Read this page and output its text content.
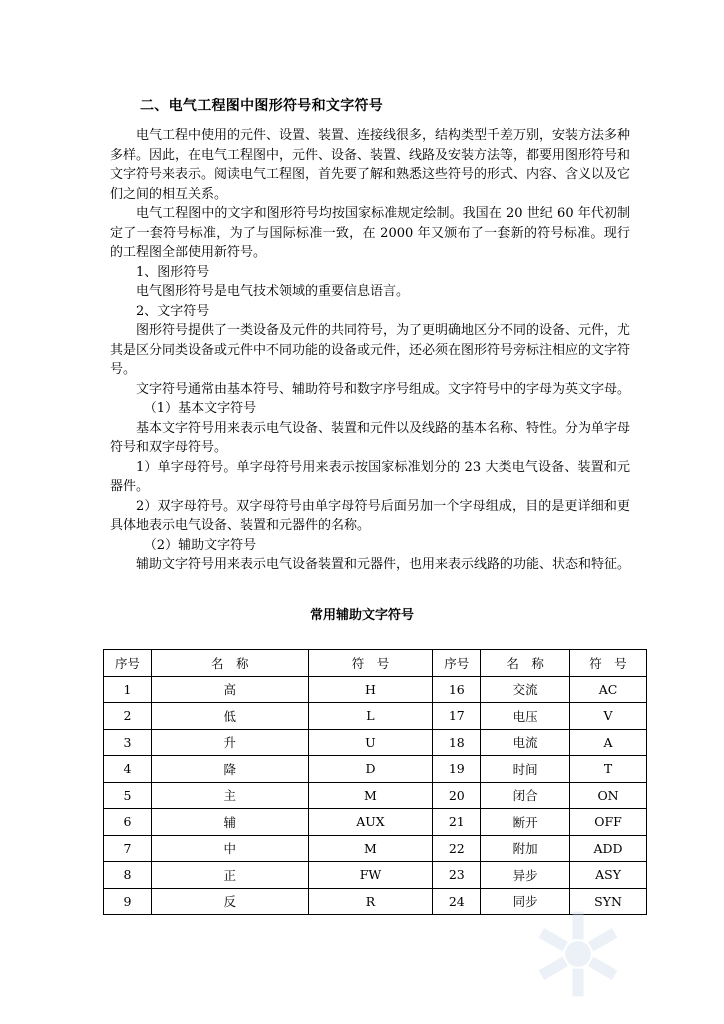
二、电气工程图中图形符号和文字符号

电气工程中使用的元件、设置、装置、连接线很多，结构类型千差万别，安装方法多种多样。因此，在电气工程图中，元件、设备、装置、线路及安装方法等，都要用图形符号和文字符号来表示。阅读电气工程图，首先要了解和熟悉这些符号的形式、内容、含义以及它们之间的相互关系。

电气工程图中的文字和图形符号均按国家标准规定绘制。我国在 20 世纪 60 年代初制定了一套符号标准，为了与国际标准一致，在 2000 年又颁布了一套新的符号标准。现行的工程图全部使用新符号。

1、图形符号

电气图形符号是电气技术领域的重要信息语言。

2、文字符号

图形符号提供了一类设备及元件的共同符号，为了更明确地区分不同的设备、元件，尤其是区分同类设备或元件中不同功能的设备或元件，还必须在图形符号旁标注相应的文字符号。

文字符号通常由基本符号、辅助符号和数字序号组成。文字符号中的字母为英文字母。

（1）基本文字符号

基本文字符号用来表示电气设备、装置和元件以及线路的基本名称、特性。分为单字母符号和双字母符号。

1）单字母符号。单字母符号用来表示按国家标准划分的 23 大类电气设备、装置和元器件。

2）双字母符号。双字母符号由单字母符号后面另加一个字母组成，目的是更详细和更具体地表示电气设备、装置和元器件的名称。

（2）辅助文字符号

辅助文字符号用来表示电气设备装置和元器件，也用来表示线路的功能、状态和特征。

常用辅助文字符号
序号	名　称	符　号	序号	名　称	符　号
1	高	H	16	交流	AC
2	低	L	17	电压	V
3	升	U	18	电流	A
4	降	D	19	时间	T
5	主	M	20	闭合	ON
6	辅	AUX	21	断开	OFF
7	中	M	22	附加	ADD
8	正	FW	23	异步	ASY
9	反	R	24	同步	SYN
